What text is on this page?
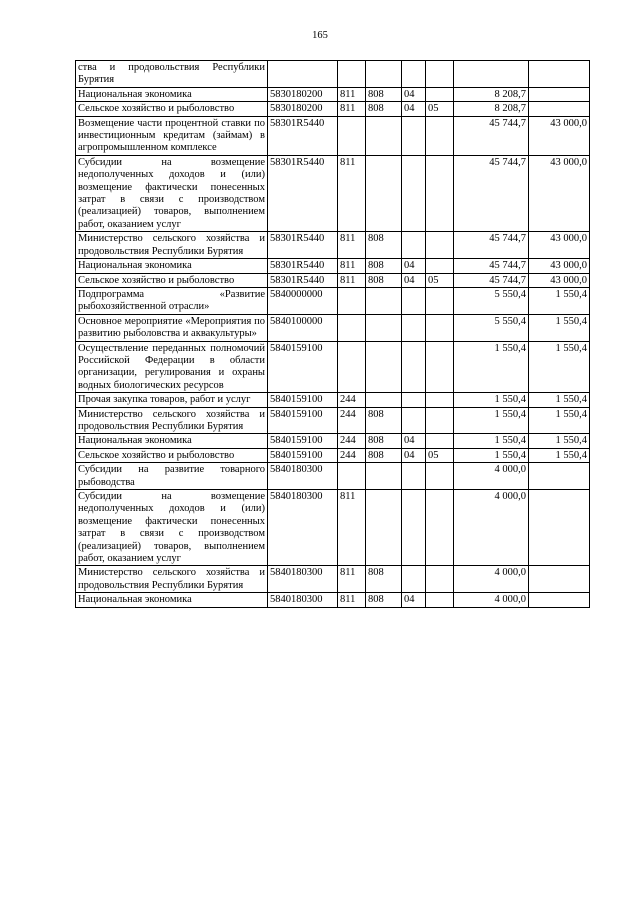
165
ства и продовольствия Республики Бурятия							
Национальная экономика	5830180200	811	808	04		8 208,7	
Сельское хозяйство и рыболовство	5830180200	811	808	04	05	8 208,7	
Возмещение части процентной ставки по инвестиционным кредитам (займам) в агропромышленном комплексе	58301R5440					45 744,7	43 000,0
Субсидии на возмещение недополученных доходов и (или) возмещение фактически понесенных затрат в связи с производством (реализацией) товаров, выполнением работ, оказанием услуг	58301R5440	811				45 744,7	43 000,0
Министерство сельского хозяйства и продовольствия Республики Бурятия	58301R5440	811	808			45 744,7	43 000,0
Национальная экономика	58301R5440	811	808	04		45 744,7	43 000,0
Сельское хозяйство и рыболовство	58301R5440	811	808	04	05	45 744,7	43 000,0
Подпрограмма «Развитие рыбохозяйственной отрасли»	5840000000					5 550,4	1 550,4
Основное мероприятие «Мероприятия по развитию рыболовства и аквакультуры»	5840100000					5 550,4	1 550,4
Осуществление переданных полномочий Российской Федерации в области организации, регулирования и охраны водных биологических ресурсов	5840159100					1 550,4	1 550,4
Прочая закупка товаров, работ и услуг	5840159100	244				1 550,4	1 550,4
Министерство сельского хозяйства и продовольствия Республики Бурятия	5840159100	244	808			1 550,4	1 550,4
Национальная экономика	5840159100	244	808	04		1 550,4	1 550,4
Сельское хозяйство и рыболовство	5840159100	244	808	04	05	1 550,4	1 550,4
Субсидии на развитие товарного рыбоводства	5840180300					4 000,0	
Субсидии на возмещение недополученных доходов и (или) возмещение фактически понесенных затрат в связи с производством (реализацией) товаров, выполнением работ, оказанием услуг	5840180300	811				4 000,0	
Министерство сельского хозяйства и продовольствия Республики Бурятия	5840180300	811	808			4 000,0	
Национальная экономика	5840180300	811	808	04		4 000,0	
